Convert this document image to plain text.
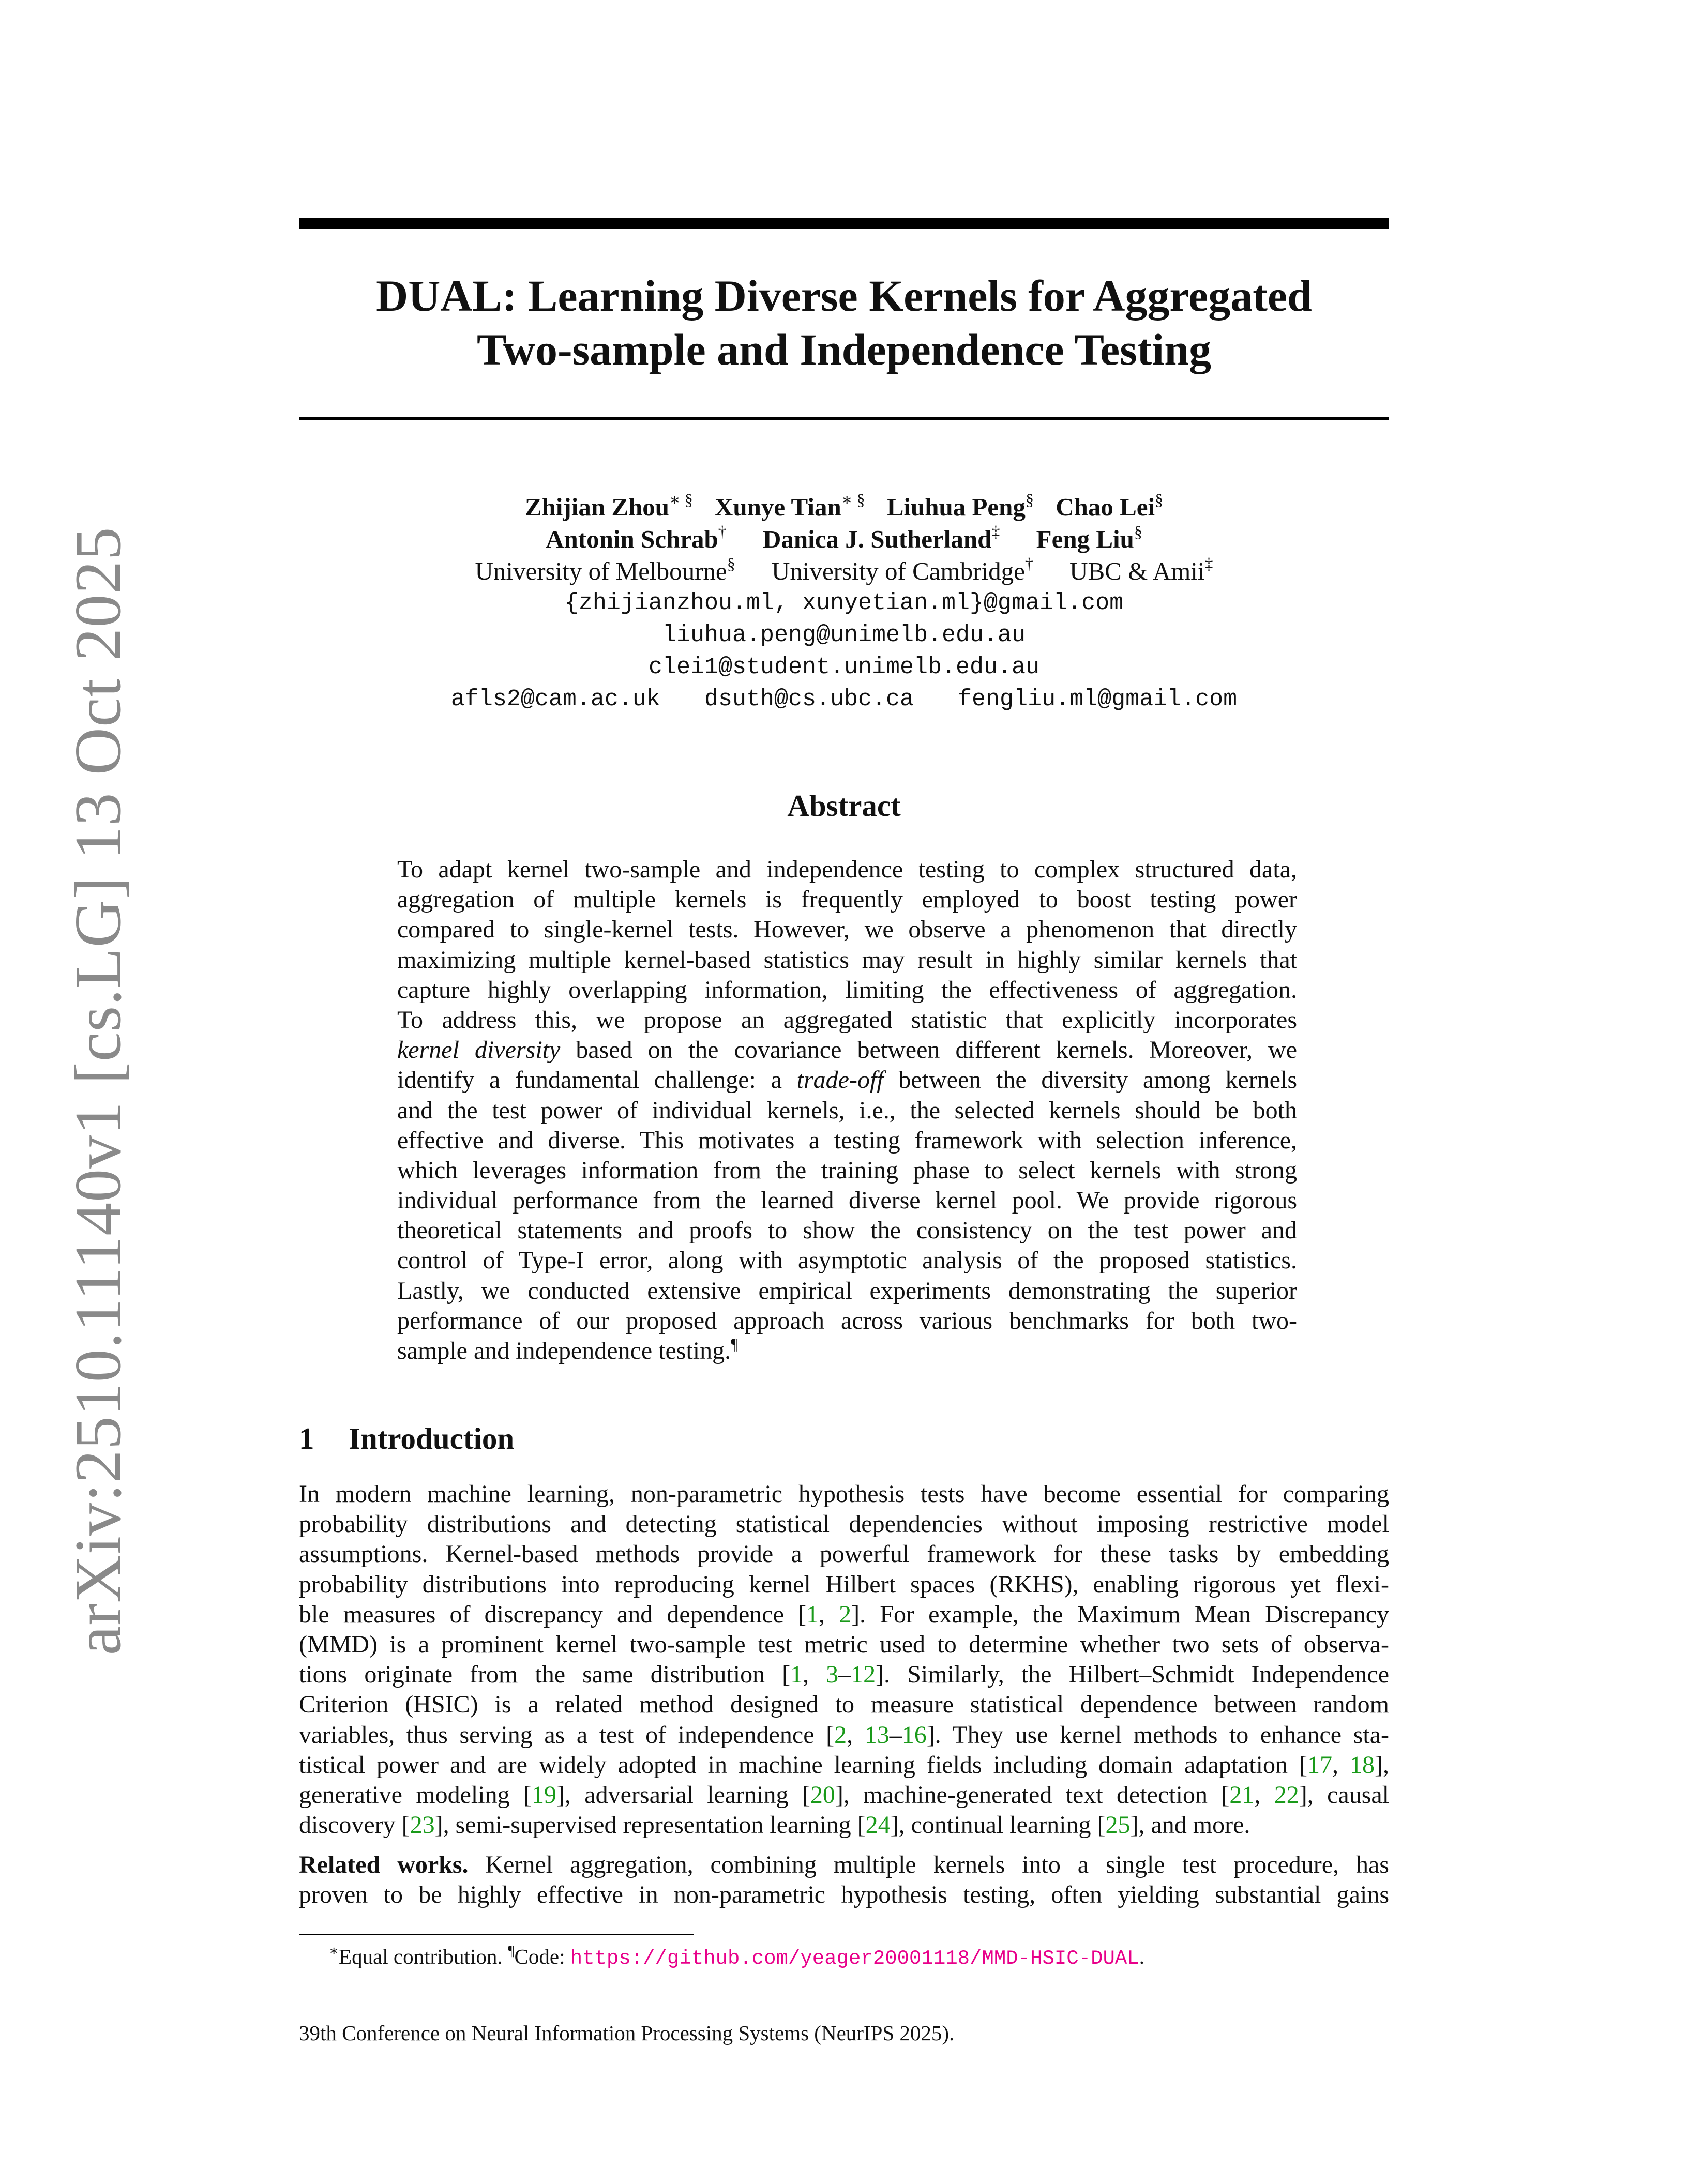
arXiv:2510.11140v1 [cs.LG] 13 Oct 2025
DUAL: Learning Diverse Kernels for Aggregated
Two-sample and Independence Testing
Zhijian Zhou∗ § Xunye Tian∗ § Liuhua Peng§ Chao Lei§
Antonin Schrab† Danica J. Sutherland‡ Feng Liu§
University of Melbourne§ University of Cambridge† UBC & Amii‡
{zhijianzhou.ml, xunyetian.ml}@gmail.com
liuhua.peng@unimelb.edu.au
clei1@student.unimelb.edu.au
afls2@cam.ac.uk dsuth@cs.ubc.ca fengliu.ml@gmail.com
Abstract
To adapt kernel two-sample and independence testing to complex structured data,
aggregation of multiple kernels is frequently employed to boost testing power
compared to single-kernel tests. However, we observe a phenomenon that directly
maximizing multiple kernel-based statistics may result in highly similar kernels that
capture highly overlapping information, limiting the effectiveness of aggregation.
To address this, we propose an aggregated statistic that explicitly incorporates
kernel diversity based on the covariance between different kernels. Moreover, we
identify a fundamental challenge: a trade-off between the diversity among kernels
and the test power of individual kernels, i.e., the selected kernels should be both
effective and diverse. This motivates a testing framework with selection inference,
which leverages information from the training phase to select kernels with strong
individual performance from the learned diverse kernel pool. We provide rigorous
theoretical statements and proofs to show the consistency on the test power and
control of Type-I error, along with asymptotic analysis of the proposed statistics.
Lastly, we conducted extensive empirical experiments demonstrating the superior
performance of our proposed approach across various benchmarks for both two-
sample and independence testing.¶
1 Introduction
In modern machine learning, non-parametric hypothesis tests have become essential for comparing
probability distributions and detecting statistical dependencies without imposing restrictive model
assumptions. Kernel-based methods provide a powerful framework for these tasks by embedding
probability distributions into reproducing kernel Hilbert spaces (RKHS), enabling rigorous yet flexi-
ble measures of discrepancy and dependence [1, 2]. For example, the Maximum Mean Discrepancy
(MMD) is a prominent kernel two-sample test metric used to determine whether two sets of observa-
tions originate from the same distribution [1, 3–12]. Similarly, the Hilbert–Schmidt Independence
Criterion (HSIC) is a related method designed to measure statistical dependence between random
variables, thus serving as a test of independence [2, 13–16]. They use kernel methods to enhance sta-
tistical power and are widely adopted in machine learning fields including domain adaptation [17, 18],
generative modeling [19], adversarial learning [20], machine-generated text detection [21, 22], causal
discovery [23], semi-supervised representation learning [24], continual learning [25], and more.
Related works. Kernel aggregation, combining multiple kernels into a single test procedure, has
proven to be highly effective in non-parametric hypothesis testing, often yielding substantial gains
∗Equal contribution. ¶Code: https://github.com/yeager20001118/MMD-HSIC-DUAL.
39th Conference on Neural Information Processing Systems (NeurIPS 2025).
